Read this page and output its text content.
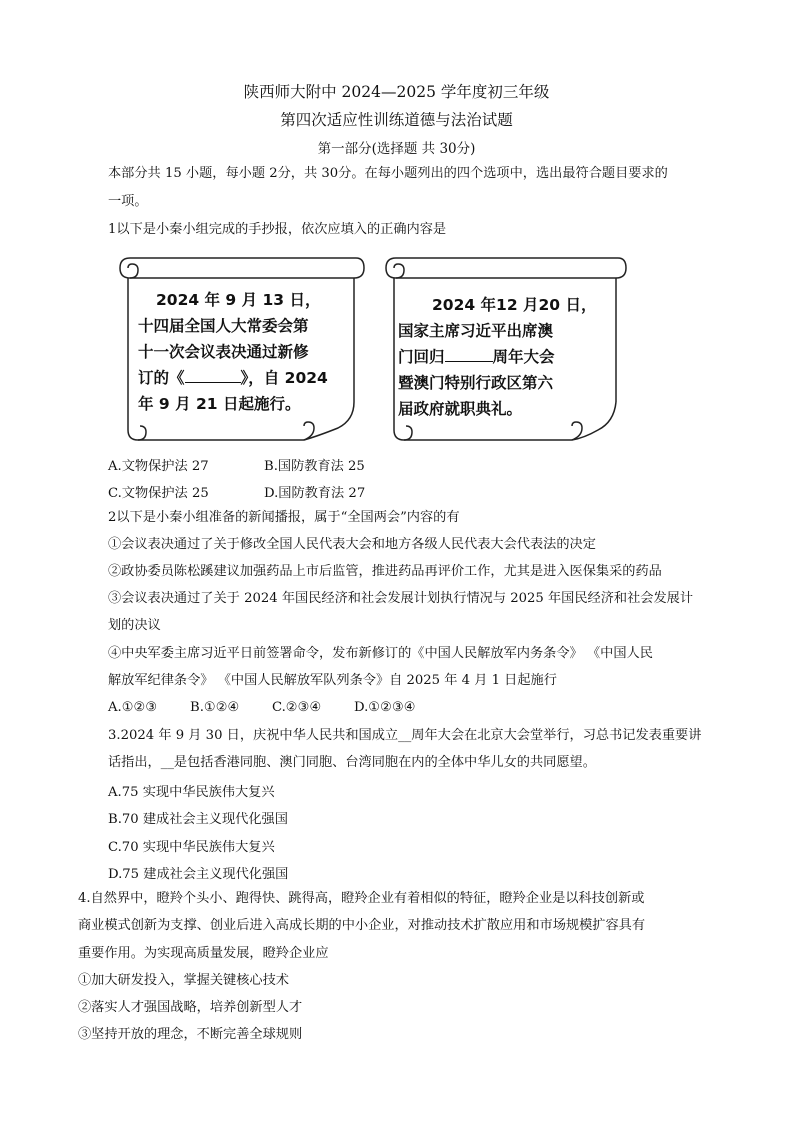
陕西师大附中 2024—2025 学年度初三年级
第四次适应性训练道德与法治试题
第一部分(选择题 共 30分)
本部分共 15 小题，每小题 2分，共 30分。在每小题列出的四个选项中，选出最符合题目要求的
一项。
1以下是小秦小组完成的手抄报，依次应填入的正确内容是
2024 年 9 月 13 日，
十四届全国人大常委会第
十一次会议表决通过新修
订的《	》，自 2024
年 9 月 21 日起施行。
2024 年12 月20 日，
国家主席习近平出席澳
门回归	周年大会
暨澳门特别行政区第六
届政府就职典礼。
A.文物保护法 27	B.国防教育法 25
C.文物保护法 25	D.国防教育法 27
2以下是小秦小组准备的新闻播报，属于“全国两会”内容的有
①会议表决通过了关于修改全国人民代表大会和地方各级人民代表大会代表法的决定
②政协委员陈松蹊建议加强药品上市后监管，推进药品再评价工作，尤其是进入医保集采的药品
③会议表决通过了关于 2024 年国民经济和社会发展计划执行情况与 2025 年国民经济和社会发展计
划的决议
④中央军委主席习近平日前签署命令，发布新修订的《中国人民解放军内务条令》 《中国人民
解放军纪律条令》 《中国人民解放军队列条令》自 2025 年 4 月 1 日起施行
A.①②③ B.①②④ C.②③④ D.①②③④
3.2024 年 9 月 30 日，庆祝中华人民共和国成立__周年大会在北京大会堂举行，习总书记发表重要讲
话指出，__是包括香港同胞、澳门同胞、台湾同胞在内的全体中华儿女的共同愿望。
A.75 实现中华民族伟大复兴
B.70 建成社会主义现代化强国
C.70 实现中华民族伟大复兴
D.75 建成社会主义现代化强国
4.自然界中，瞪羚个头小、跑得快、跳得高，瞪羚企业有着相似的特征，瞪羚企业是以科技创新或
商业模式创新为支撑、创业后进入高成长期的中小企业，对推动技术扩散应用和市场规模扩容具有
重要作用。为实现高质量发展，瞪羚企业应
①加大研发投入，掌握关键核心技术
②落实人才强国战略，培养创新型人才
③坚持开放的理念，不断完善全球规则
